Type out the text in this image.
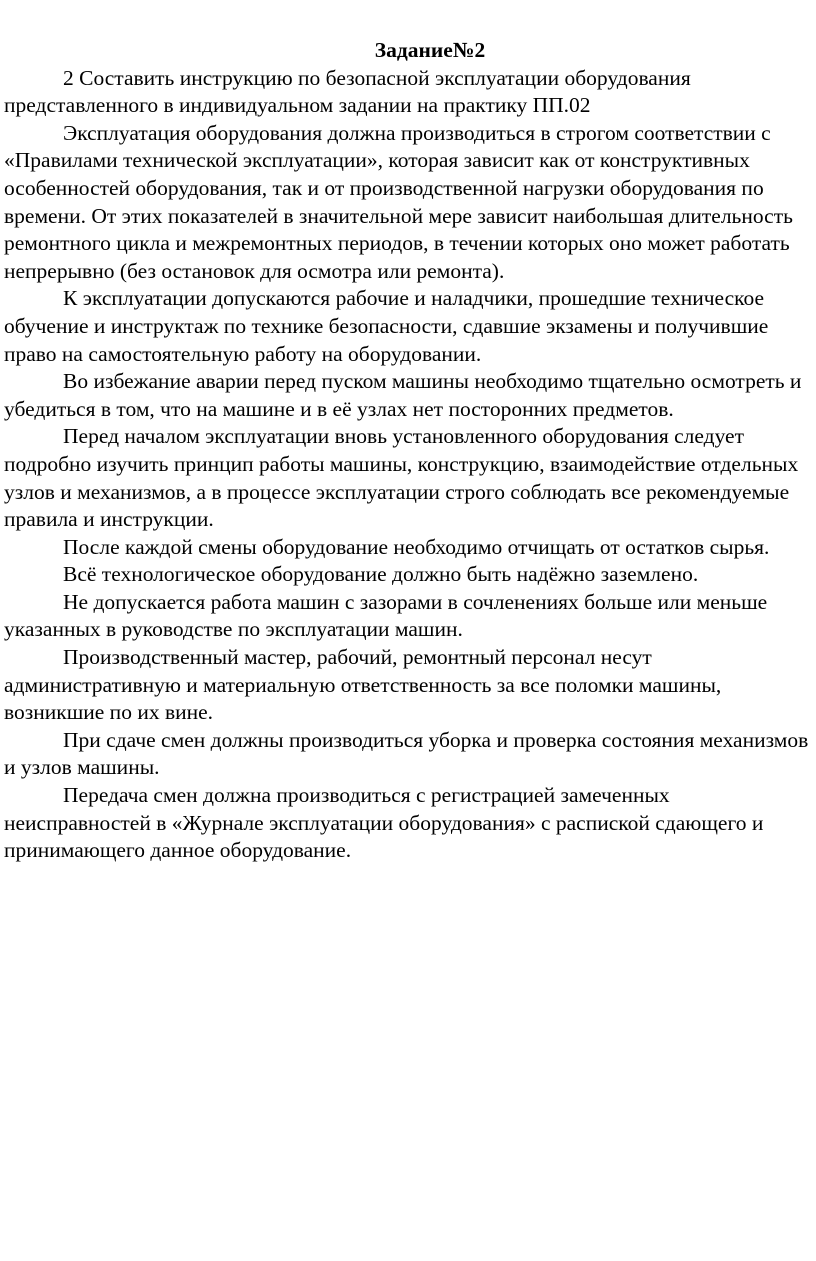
Задание№2

2 Составить инструкцию по безопасной эксплуатации оборудования представленного в индивидуальном задании на практику ПП.02

Эксплуатация оборудования должна производиться в строгом соответствии с «Правилами технической эксплуатации», которая зависит как от конструктивных особенностей оборудования, так и от производственной нагрузки оборудования по времени. От этих показателей в значительной мере зависит наибольшая длительность ремонтного цикла и межремонтных периодов, в течении которых оно может работать непрерывно (без остановок для осмотра или ремонта).

К эксплуатации допускаются рабочие и наладчики, прошедшие техническое обучение и инструктаж по технике безопасности, сдавшие экзамены и получившие право на самостоятельную работу на оборудовании.

Во избежание аварии перед пуском машины необходимо тщательно осмотреть и убедиться в том, что на машине и в её узлах нет посторонних предметов.

Перед началом эксплуатации вновь установленного оборудования следует подробно изучить принцип работы машины, конструкцию, взаимодействие отдельных узлов и механизмов, а в процессе эксплуатации строго соблюдать все рекомендуемые правила и инструкции.

После каждой смены оборудование необходимо отчищать от остатков сырья.

Всё технологическое оборудование должно быть надёжно заземлено.

Не допускается работа машин с зазорами в сочленениях больше или меньше указанных в руководстве по эксплуатации машин.

Производственный мастер, рабочий, ремонтный персонал несут административную и материальную ответственность за все поломки машины, возникшие по их вине.

При сдаче смен должны производиться уборка и проверка состояния механизмов и узлов машины.

Передача смен должна производиться с регистрацией замеченных неисправностей в «Журнале эксплуатации оборудования» с распиской сдающего и принимающего данное оборудование.
